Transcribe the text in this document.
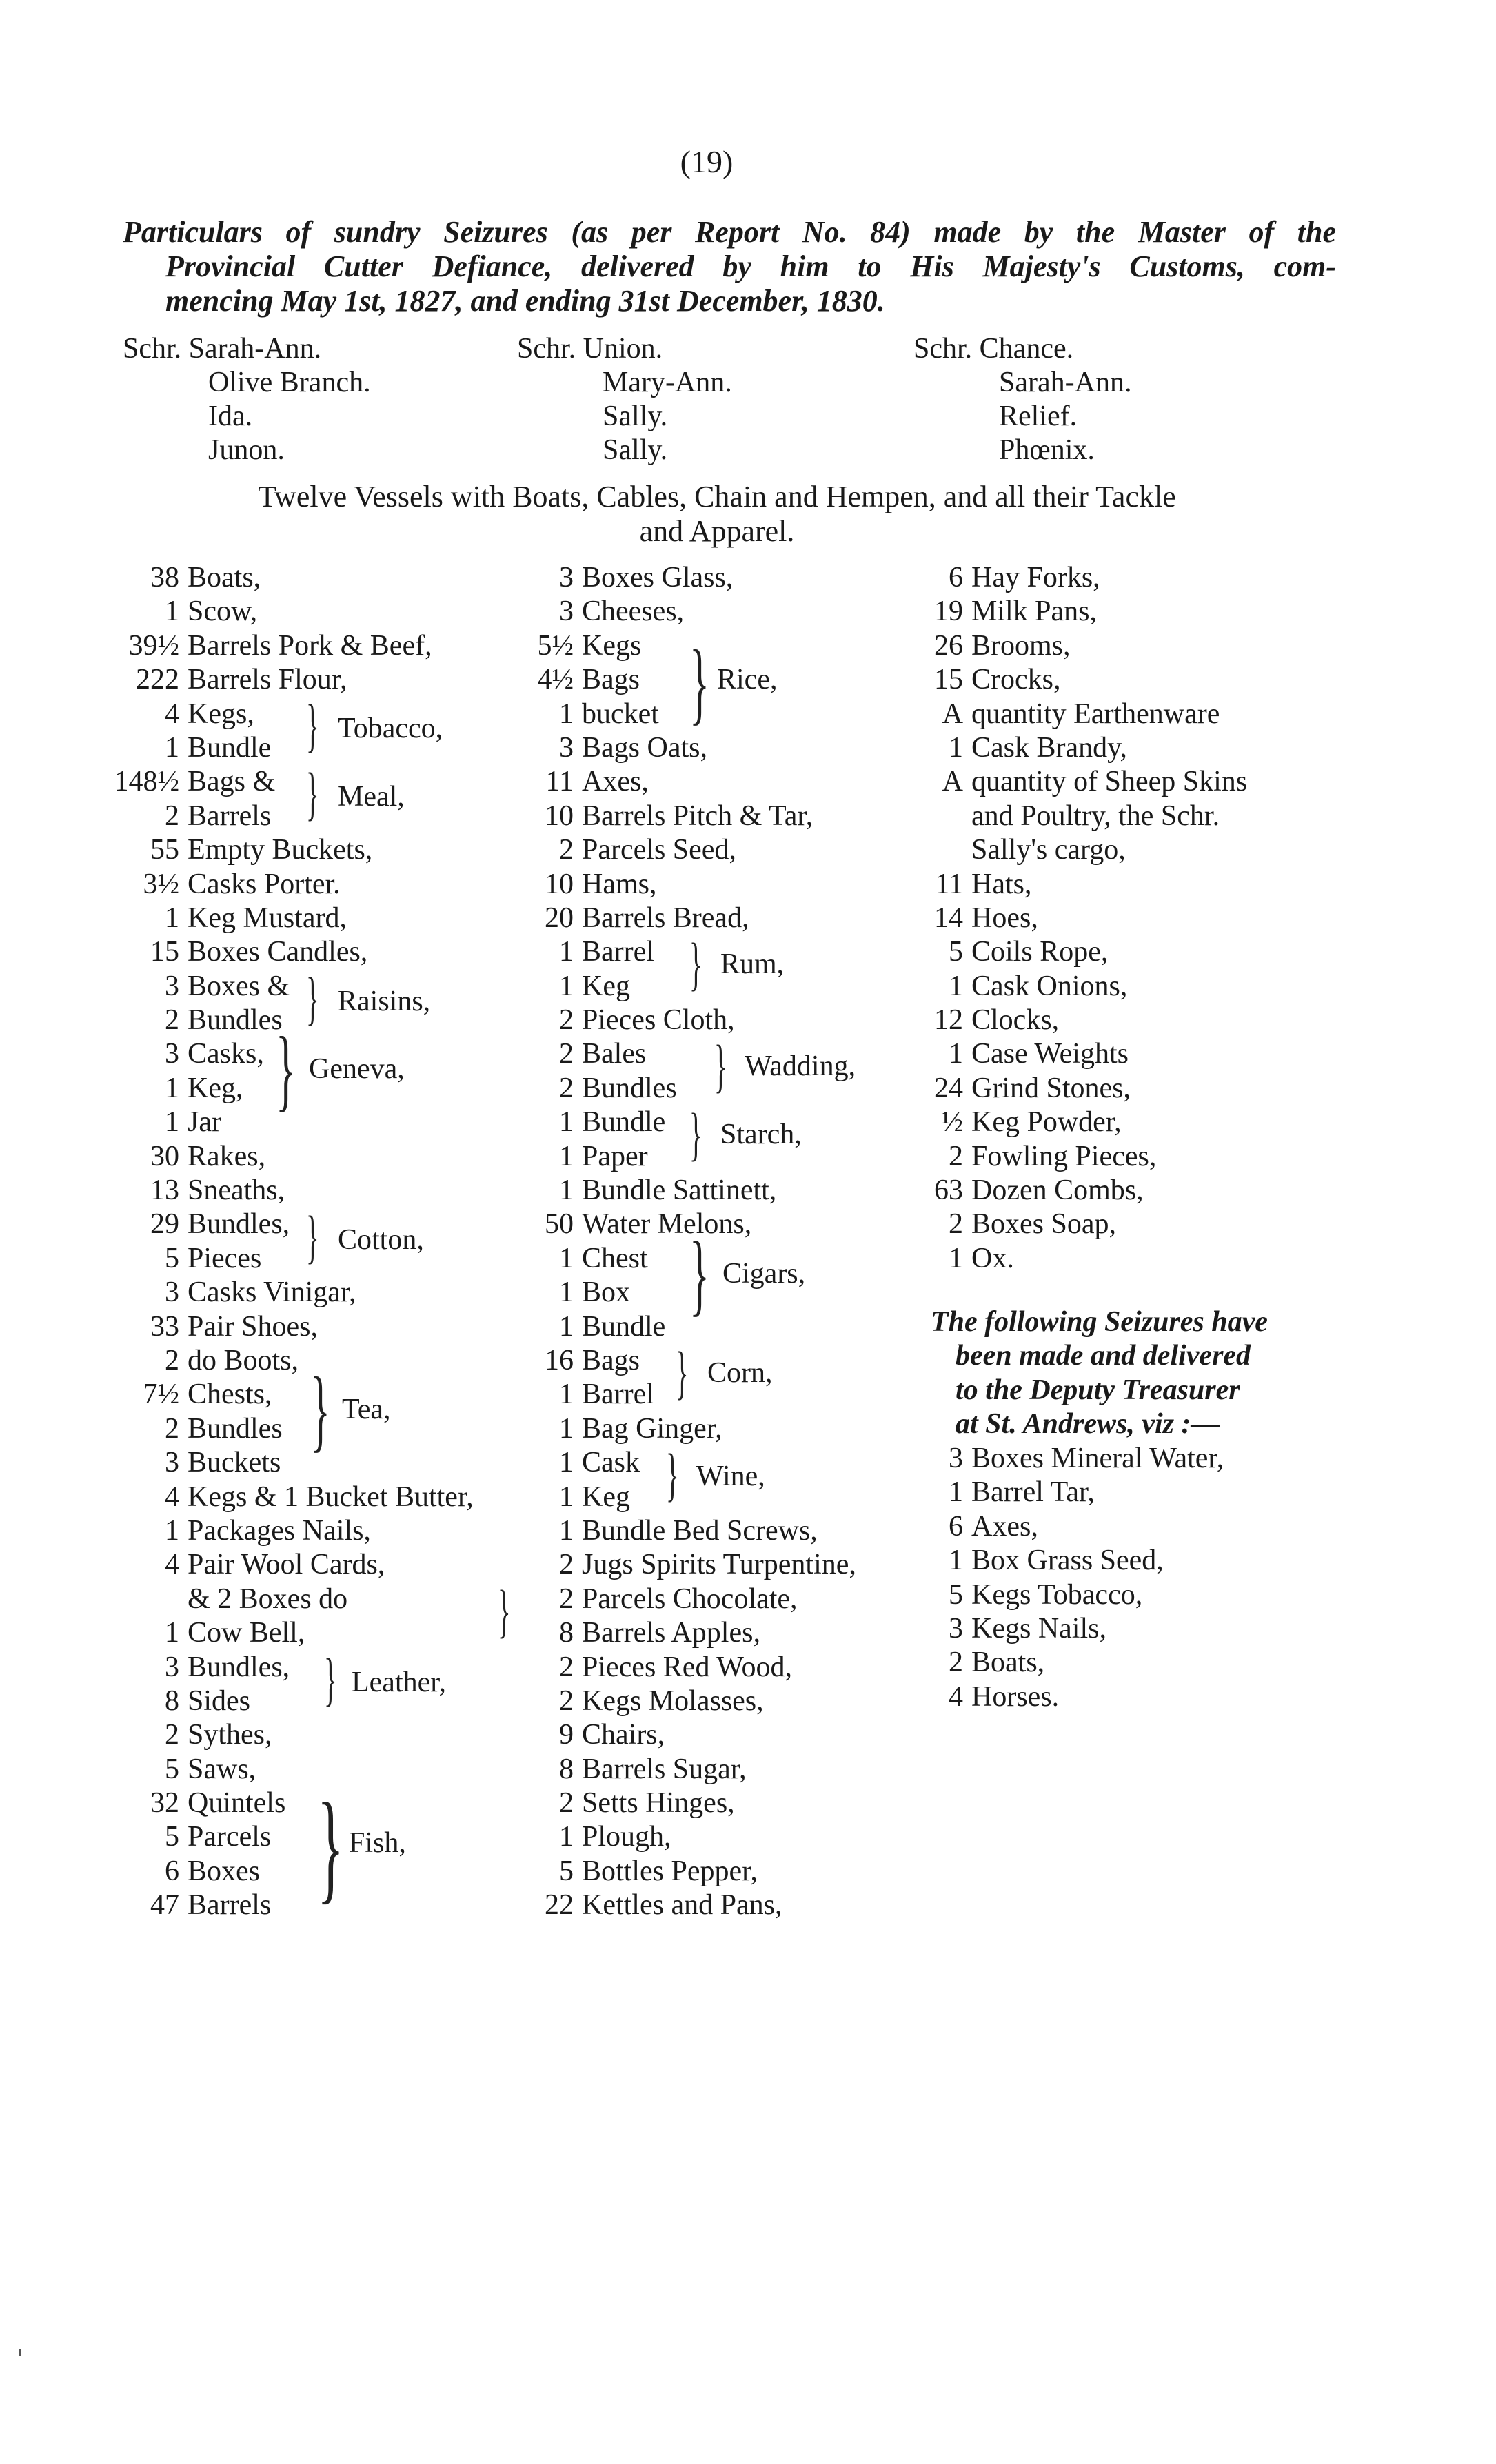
(19)
Particulars of sundry Seizures (as per Report No. 84) made by the Master of the
Provincial Cutter Defiance, delivered by him to His Majesty's Customs, com-
mencing May 1st, 1827, and ending 31st December, 1830.
Schr. Sarah-Ann.
Olive Branch.
Ida.
Junon.
Schr. Union.
Mary-Ann.
Sally.
Sally.
Schr. Chance.
Sarah-Ann.
Relief.
Phœnix.
Twelve Vessels with Boats, Cables, Chain and Hempen, and all their Tackle
and Apparel.
38 Boats,
1 Scow,
39½ Barrels Pork & Beef,
222 Barrels Flour,
4 Kegs,
1 Bundle
148½ Bags &
2 Barrels
55 Empty Buckets,
3½ Casks Porter.
1 Keg Mustard,
15 Boxes Candles,
3 Boxes &
2 Bundles
3 Casks,
1 Keg,
1 Jar
30 Rakes,
13 Sneaths,
29 Bundles,
5 Pieces
3 Casks Vinigar,
33 Pair Shoes,
2 do Boots,
7½ Chests,
2 Bundles
3 Buckets
4 Kegs & 1 Bucket Butter,
1 Packages Nails,
4 Pair Wool Cards,
& 2 Boxes do
1 Cow Bell,
3 Bundles,
8 Sides
2 Sythes,
5 Saws,
32 Quintels
5 Parcels
6 Boxes
47 Barrels
3 Boxes Glass,
3 Cheeses,
5½ Kegs
4½ Bags
1 bucket
3 Bags Oats,
11 Axes,
10 Barrels Pitch & Tar,
2 Parcels Seed,
10 Hams,
20 Barrels Bread,
1 Barrel
1 Keg
2 Pieces Cloth,
2 Bales
2 Bundles
1 Bundle
1 Paper
1 Bundle Sattinett,
50 Water Melons,
1 Chest
1 Box
1 Bundle
16 Bags
1 Barrel
1 Bag Ginger,
1 Cask
1 Keg
1 Bundle Bed Screws,
2 Jugs Spirits Turpentine,
2 Parcels Chocolate,
8 Barrels Apples,
2 Pieces Red Wood,
2 Kegs Molasses,
9 Chairs,
8 Barrels Sugar,
2 Setts Hinges,
1 Plough,
5 Bottles Pepper,
22 Kettles and Pans,
6 Hay Forks,
19 Milk Pans,
26 Brooms,
15 Crocks,
A quantity Earthenware
1 Cask Brandy,
A quantity of Sheep Skins
and Poultry, the Schr.
Sally's cargo,
11 Hats,
14 Hoes,
5 Coils Rope,
1 Cask Onions,
12 Clocks,
1 Case Weights
24 Grind Stones,
½ Keg Powder,
2 Fowling Pieces,
63 Dozen Combs,
2 Boxes Soap,
1 Ox.
The following Seizures have
been made and delivered
to the Deputy Treasurer
at St. Andrews, viz :—
3 Boxes Mineral Water,
1 Barrel Tar,
6 Axes,
1 Box Grass Seed,
5 Kegs Tobacco,
3 Kegs Nails,
2 Boats,
4 Horses.
} Tobacco,
} Meal,
} Raisins,
} Geneva,
} Cotton,
} Tea,
}
} Leather,
} Fish,
} Rice,
} Rum,
} Wadding,
} Starch,
} Cigars,
} Corn,
} Wine,
